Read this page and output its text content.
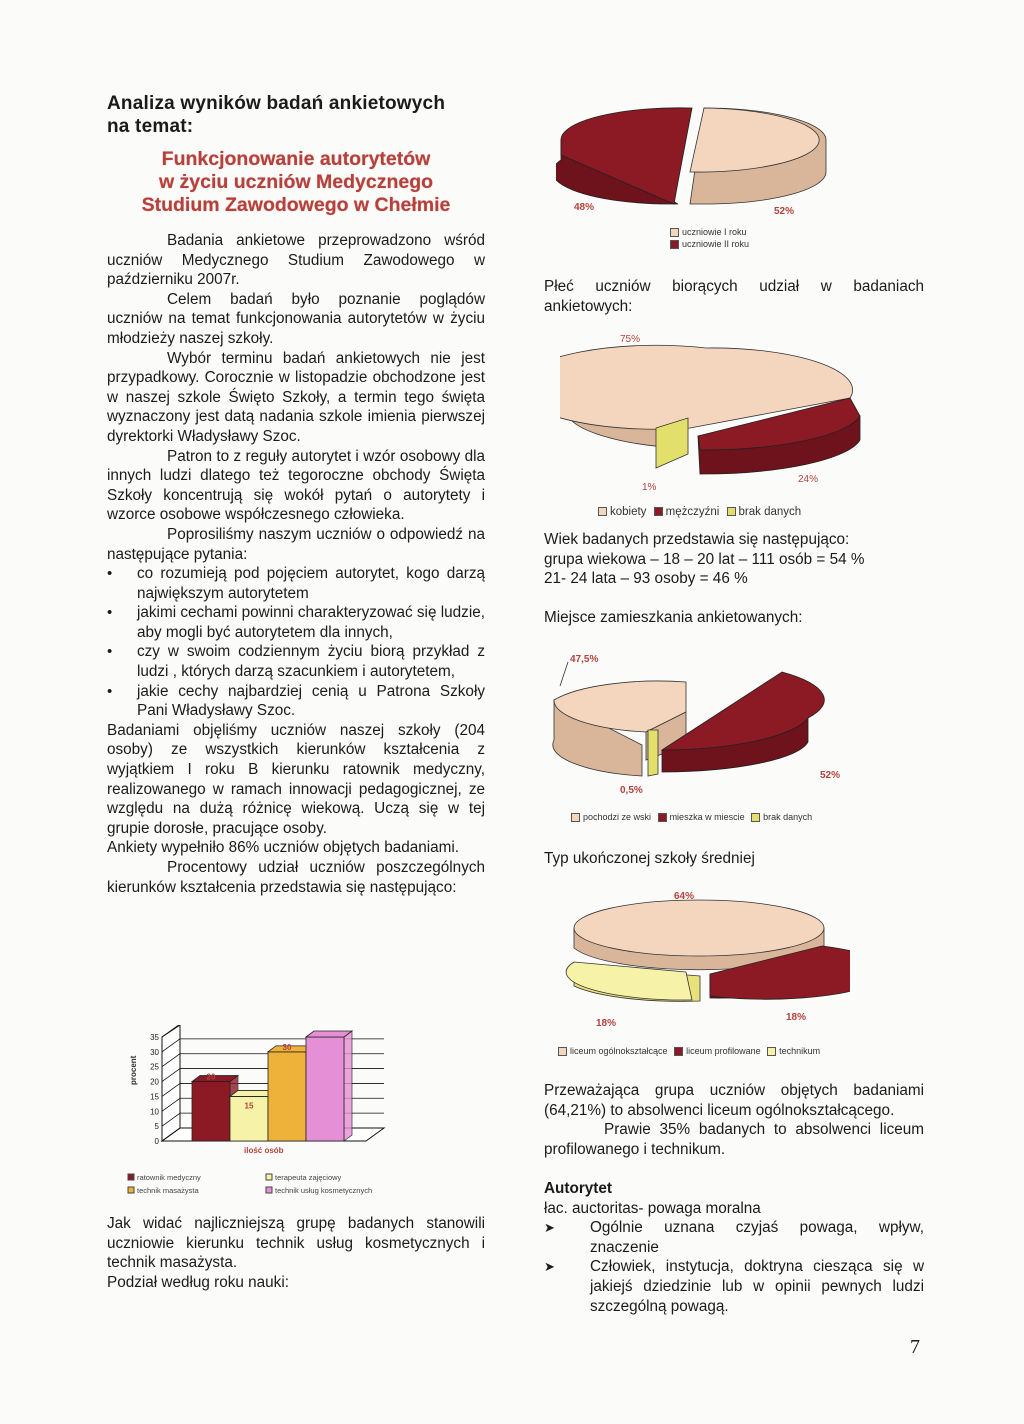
Analiza wyników badań ankietowych
na temat:
Funkcjonowanie autorytetów
w życiu uczniów Medycznego
Studium Zawodowego w Chełmie

Badania ankietowe przeprowadzono wśród uczniów Medycznego Studium Zawodowego w październiku 2007r.

Celem badań było poznanie poglądów uczniów na temat funkcjonowania autorytetów w życiu młodzieży naszej szkoły.

Wybór terminu badań ankietowych nie jest przypadkowy. Corocznie w listopadzie obchodzone jest w naszej szkole Święto Szkoły, a termin tego święta wyznaczony jest datą nadania szkole imienia pierwszej dyrektorki Władysławy Szoc.

Patron to z reguły autorytet i wzór osobowy dla innych ludzi dlatego też tegoroczne obchody Święta Szkoły koncentrują się wokół pytań o autorytety i wzorce osobowe współczesnego człowieka.

Poprosiliśmy naszym uczniów o odpowiedź na następujące pytania:

• co rozumieją pod pojęciem autorytet, kogo darzą największym autorytetem
• jakimi cechami powinni charakteryzować się ludzie, aby mogli być autorytetem dla innych,
• czy w swoim codziennym życiu biorą przykład z ludzi , których darzą szacunkiem i autorytetem,
• jakie cechy najbardziej cenią u Patrona Szkoły Pani Władysławy Szoc.

Badaniami objęliśmy uczniów naszej szkoły (204 osoby) ze wszystkich kierunków kształcenia z wyjątkiem I roku B kierunku ratownik medyczny, realizowanego w ramach innowacji pedagogicznej, ze względu na dużą różnicę wiekową. Uczą się w tej grupie dorosłe, pracujące osoby.

Ankiety wypełniło 86% uczniów objętych badaniami.

Procentowy udział uczniów poszczególnych kierunków kształcenia przedstawia się następująco:

0
5
10
15
20
25
30
35
20
15
30
procent
ilość osób
ratownik medyczny	terapeuta zajęciowy
technik masażysta	technik usług kosmetycznych

Jak widać najliczniejszą grupę badanych stanowili uczniowie kierunku technik usług kosmetycznych i technik masażysta.

Podział według roku nauki:

48%	52%
uczniowie I roku
uczniowie II roku

Płeć uczniów biorących udział w badaniach ankietowych:

75%
24%
1%
kobiety mężczyźni brak danych

Wiek badanych przedstawia się następująco:

grupa wiekowa – 18 – 20 lat – 111 osób = 54 %

21- 24 lata – 93 osoby = 46 %

Miejsce zamieszkania ankietowanych:

47,5%
52%
0,5%
pochodzi ze wski mieszka w miescie brak danych

Typ ukończonej szkoły średniej

64%
18%
18%
liceum ogólnokształcące liceum profilowane technikum

Przeważająca grupa uczniów objętych badaniami (64,21%) to absolwenci liceum ogólnokształcącego.

Prawie 35% badanych to absolwenci liceum profilowanego i technikum.

Autorytet

łac. auctoritas- powaga moralna

➤ Ogólnie uznana czyjaś powaga, wpływ, znaczenie
➤ Człowiek, instytucja, doktryna ciesząca się w jakiejś dziedzinie lub w opinii pewnych ludzi szczególną powagą.
7
